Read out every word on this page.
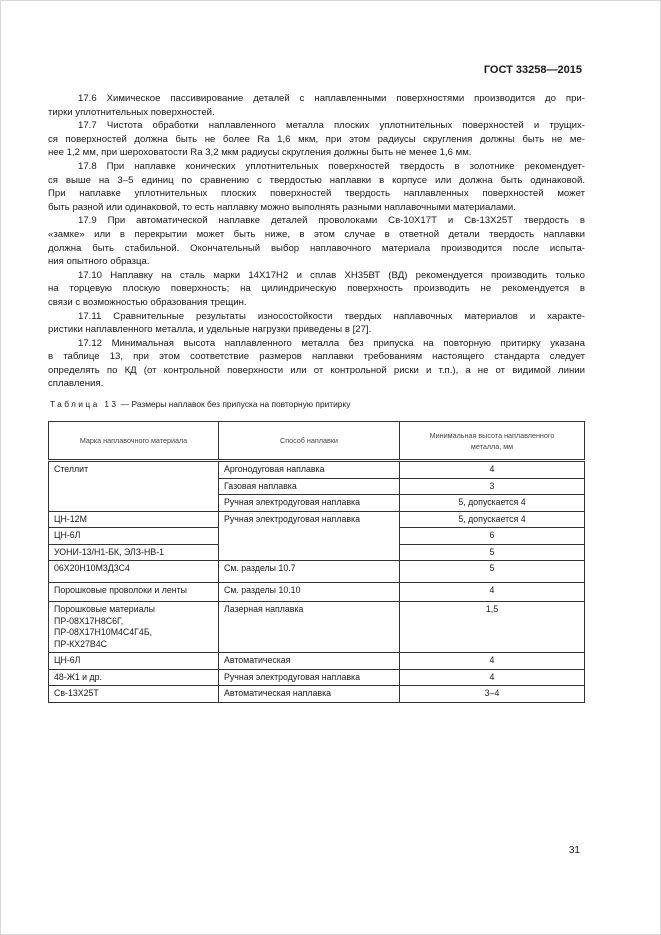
ГОСТ 33258—2015
17.6 Химическое пассивирование деталей с наплавленными поверхностями производится до при-
тирки уплотнительных поверхностей.
17.7 Чистота обработки наплавленного металла плоских уплотнительных поверхностей и трущих-
ся поверхностей должна быть не более Ra 1,6 мкм, при этом радиусы скругления должны быть не ме-
нее 1,2 мм, при шероховатости Ra 3,2 мкм радиусы скругления должны быть не менее 1,6 мм.
17.8 При наплавке конических уплотнительных поверхностей твердость в золотнике рекомендует-
ся выше на 3–5 единиц по сравнению с твердостью наплавки в корпусе или должна быть одинаковой.
При наплавке уплотнительных плоских поверхностей твердость наплавленных поверхностей может
быть разной или одинаковой, то есть наплавку можно выполнять разными наплавочными материалами.
17.9 При автоматической наплавке деталей проволоками Св-10Х17Т и Св-13Х25Т твердость в
«замке» или в перекрытии может быть ниже, в этом случае в ответной детали твердость наплавки
должна быть стабильной. Окончательный выбор наплавочного материала производится после испыта-
ния опытного образца.
17.10 Наплавку на сталь марки 14Х17Н2 и сплав ХН35ВТ (ВД) рекомендуется производить только
на торцевую плоскую поверхность; на цилиндрическую поверхность производить не рекомендуется в
связи с возможностью образования трещин.
17.11 Сравнительные результаты износостойкости твердых наплавочных материалов и характе-
ристики наплавленного металла, и удельные нагрузки приведены в [27].
17.12 Минимальная высота наплавленного металла без припуска на повторную притирку указана
в таблице 13, при этом соответствие размеров наплавки требованиям настоящего стандарта следует
определять по КД (от контрольной поверхности или от контрольной риски и т.п.), а не от видимой линии
сплавления.
Таблица 13 — Размеры наплавок без припуска на повторную притирку
Марка наплавочного материала	Способ наплавки	Минимальная высота наплавленного металла, мм
Стеллит	Аргонодуговая наплавка	4
	Газовая наплавка	3
	Ручная электродуговая наплавка	5, допускается 4
ЦН-12М	Ручная электродуговая наплавка	5, допускается 4
ЦН-6Л		6
УОНИ-13/Н1-БК, ЭЛЗ-НВ-1		5
06Х20Н10М3Д3С4	См. разделы 10.7	5
Порошковые проволоки и ленты	См. разделы 10.10	4

Порошковые материалы
ПР-08Х17Н8С6Г,
ПР-08Х17Н10М4С4Г4Б,
ПР-КХ27В4С	Лазерная наплавка	1,5
ЦН-6Л	Автоматическая	4
48-Ж1 и др.	Ручная электродуговая наплавка	4
Св-13Х25Т	Автоматическая наплавка	3–4
31
